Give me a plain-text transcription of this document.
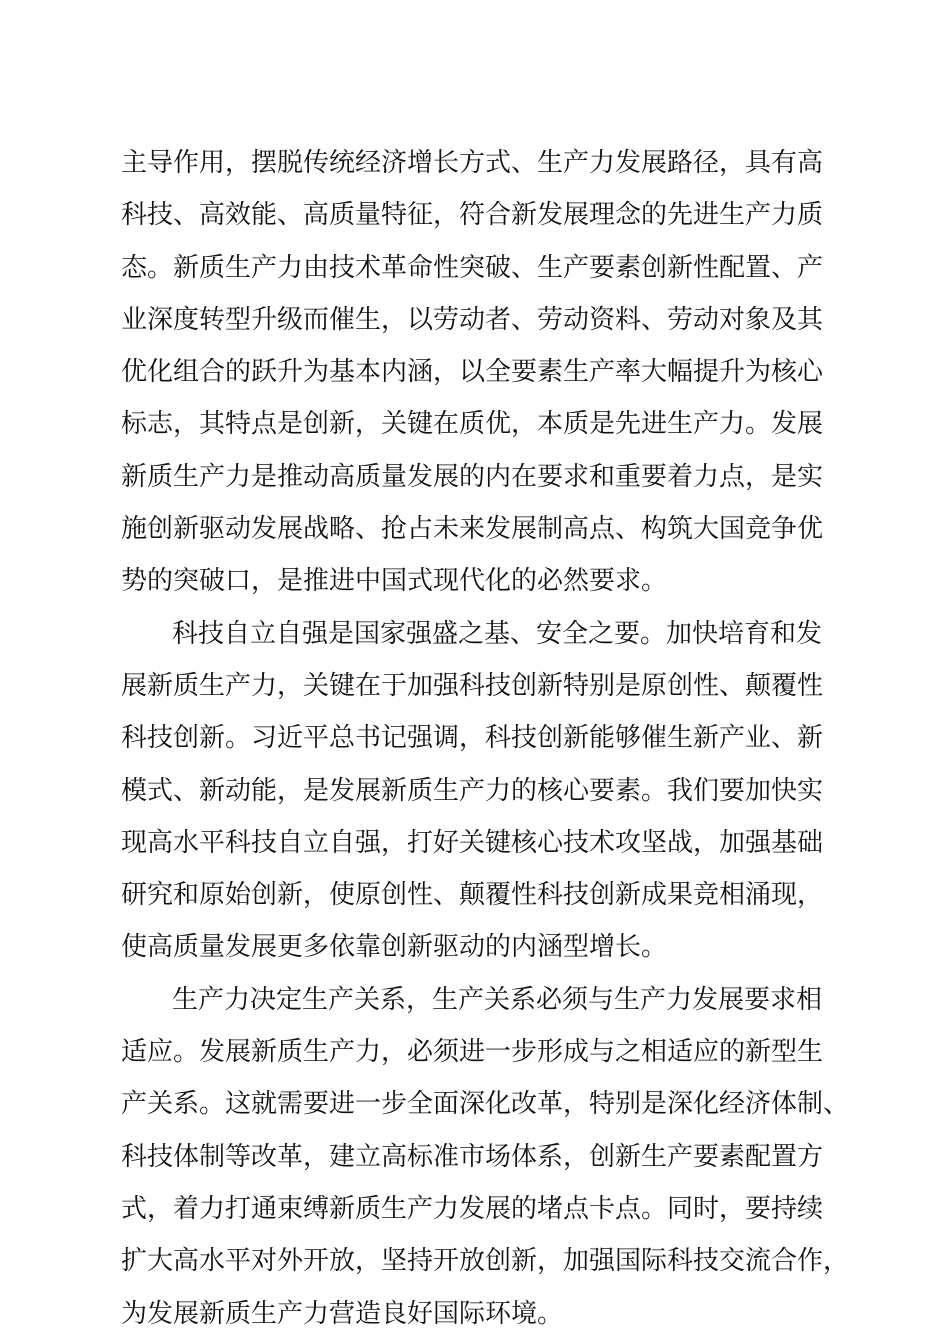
主导作用，摆脱传统经济增长方式、生产力发展路径，具有高
科技、高效能、高质量特征，符合新发展理念的先进生产力质
态。新质生产力由技术革命性突破、生产要素创新性配置、产
业深度转型升级而催生，以劳动者、劳动资料、劳动对象及其
优化组合的跃升为基本内涵，以全要素生产率大幅提升为核心
标志，其特点是创新，关键在质优，本质是先进生产力。发展
新质生产力是推动高质量发展的内在要求和重要着力点，是实
施创新驱动发展战略、抢占未来发展制高点、构筑大国竞争优
势的突破口，是推进中国式现代化的必然要求。
科技自立自强是国家强盛之基、安全之要。加快培育和发
展新质生产力，关键在于加强科技创新特别是原创性、颠覆性
科技创新。习近平总书记强调，科技创新能够催生新产业、新
模式、新动能，是发展新质生产力的核心要素。我们要加快实
现高水平科技自立自强，打好关键核心技术攻坚战，加强基础
研究和原始创新，使原创性、颠覆性科技创新成果竞相涌现，
使高质量发展更多依靠创新驱动的内涵型增长。
生产力决定生产关系，生产关系必须与生产力发展要求相
适应。发展新质生产力，必须进一步形成与之相适应的新型生
产关系。这就需要进一步全面深化改革，特别是深化经济体制、
科技体制等改革，建立高标准市场体系，创新生产要素配置方
式，着力打通束缚新质生产力发展的堵点卡点。同时，要持续
扩大高水平对外开放，坚持开放创新，加强国际科技交流合作，
为发展新质生产力营造良好国际环境。
